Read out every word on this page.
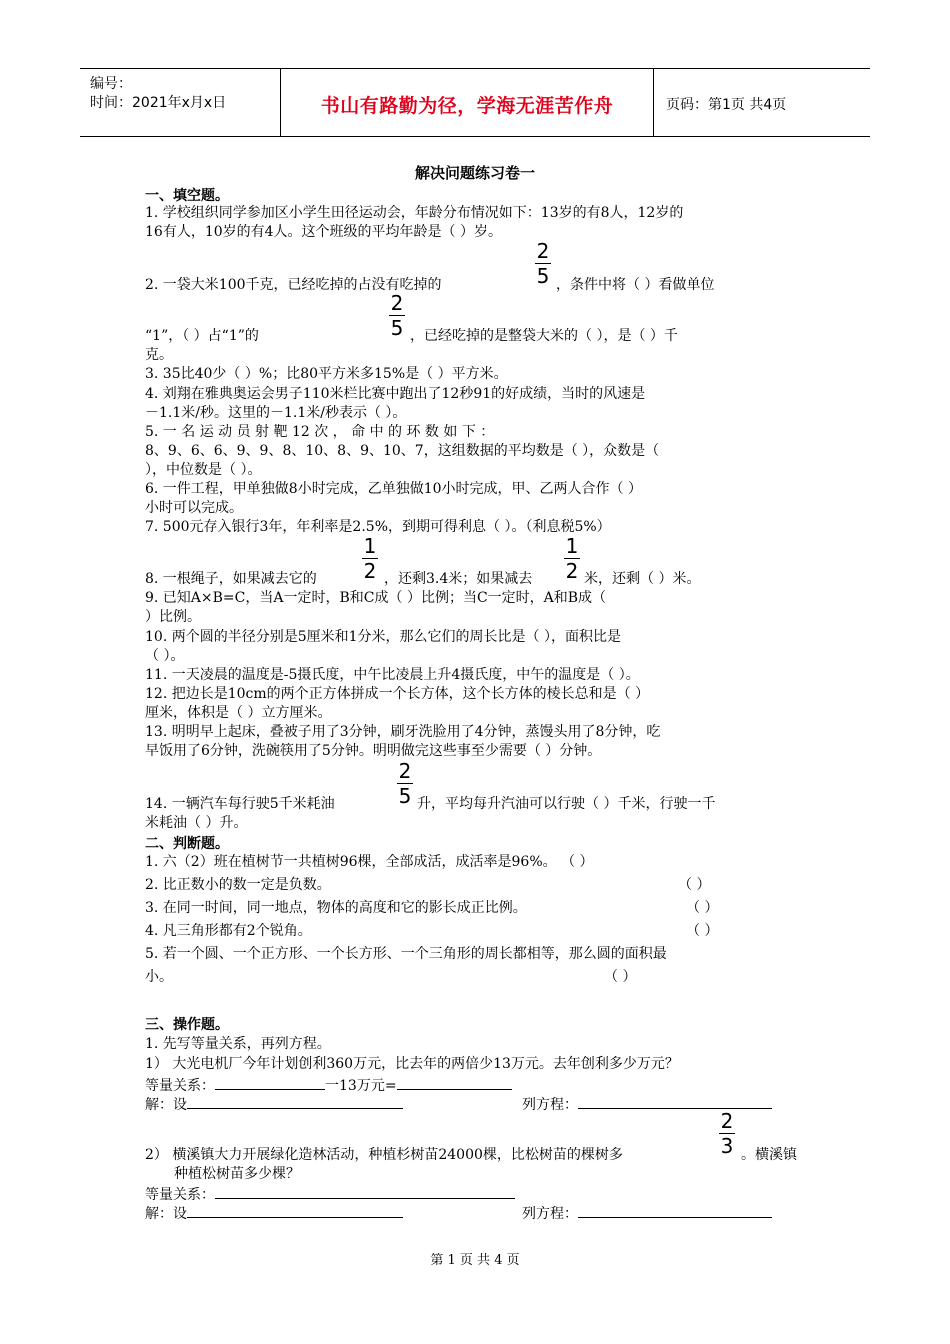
编号：
时间：2021年x月x日	书山有路勤为径，学海无涯苦作舟	页码：第1页 共4页
解决问题练习卷一
一、填空题。
1. 学校组织同学参加区小学生田径运动会，年龄分布情况如下：13岁的有8人，12岁的
16有人，10岁的有4人。这个班级的平均年龄是（ ）岁。
2. 一袋大米100千克，已经吃掉的占没有吃掉的
2
5 ，条件中将（ ）看做单位
“1”，（ ）占“1”的
2
5 ，已经吃掉的是整袋大米的（ ），是（ ）千
克。
3. 35比40少（ ）%；比80平方米多15%是（ ）平方米。
4. 刘翔在雅典奥运会男子110米栏比赛中跑出了12秒91的好成绩，当时的风速是
－1.1米/秒。这里的－1.1米/秒表示（ ）。
5. 一 名 运 动 员 射 靶 12 次 ， 命 中 的 环 数 如 下 ：
8、9、6、6、9、9、8、10、8、9、10、7，这组数据的平均数是（ ），众数是（
），中位数是（ ）。
6. 一件工程，甲单独做8小时完成，乙单独做10小时完成，甲、乙两人合作（ ）
小时可以完成。
7. 500元存入银行3年，年利率是2.5%，到期可得利息（ ）。（利息税5%）
8. 一根绳子，如果减去它的
1
2 ，还剩3.4米；如果减去
1
2 米，还剩（ ）米。
9. 已知A×B=C，当A一定时，B和C成（ ）比例；当C一定时，A和B成（
）比例。
10. 两个圆的半径分别是5厘米和1分米，那么它们的周长比是（ ），面积比是
（ ）。
11. 一天凌晨的温度是-5摄氏度，中午比凌晨上升4摄氏度，中午的温度是（ ）。
12. 把边长是10cm的两个正方体拼成一个长方体，这个长方体的棱长总和是（ ）
厘米，体积是（ ）立方厘米。
13. 明明早上起床，叠被子用了3分钟，刷牙洗脸用了4分钟，蒸馒头用了8分钟，吃
早饭用了6分钟，洗碗筷用了5分钟。明明做完这些事至少需要（ ）分钟。
14. 一辆汽车每行驶5千米耗油
2
5 升，平均每升汽油可以行驶（ ）千米，行驶一千
米耗油（ ）升。
二、判断题。
1. 六（2）班在植树节一共植树96棵，全部成活，成活率是96%。 （ ）
2. 比正数小的数一定是负数。	（ ）
3. 在同一时间，同一地点，物体的高度和它的影长成正比例。	（ ）
4. 凡三角形都有2个锐角。	（ ）
5. 若一个圆、一个正方形、一个长方形、一个三角形的周长都相等，那么圆的面积最
小。	（ ）
三、操作题。
1. 先写等量关系，再列方程。
1） 大光电机厂今年计划创利360万元，比去年的两倍少13万元。去年创利多少万元？
等量关系：	一13万元=
解：设	列方程：
2） 横溪镇大力开展绿化造林活动，种植杉树苗24000棵，比松树苗的棵树多
2
3 。横溪镇
种植松树苗多少棵？
等量关系：
解：设	列方程：
第 1 页 共 4 页
